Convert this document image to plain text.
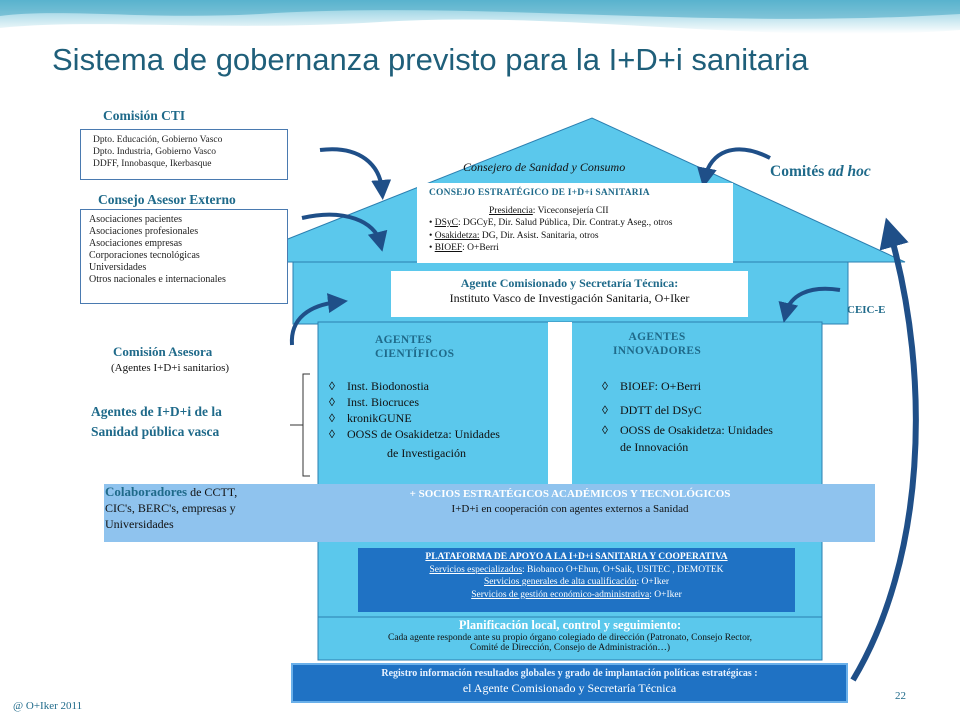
Sistema de gobernanza previsto para la I+D+i sanitaria
Comisión CTI
Dpto. Educación, Gobierno Vasco
Dpto. Industria, Gobierno Vasco
DDFF, Innobasque, Ikerbasque
Consejo Asesor Externo
Asociaciones pacientes
Asociaciones profesionales
Asociaciones empresas
Corporaciones tecnológicas
Universidades
Otros nacionales e internacionales
Consejero de Sanidad y Consumo
CONSEJO ESTRATÉGICO DE I+D+i SANITARIA
Presidencia: Viceconsejería CII
• DSyC: DGCyE, Dir. Salud Pública, Dir. Contrat.y Aseg., otros
• Osakidetza: DG, Dir. Asist. Sanitaria, otros
• BIOEF: O+Berri
Comités ad hoc
Agente Comisionado y Secretaría Técnica:
Instituto Vasco de Investigación Sanitaria, O+Iker
CEIC-E
Comisión Asesora
(Agentes I+D+i sanitarios)
Agentes de I+D+i de la
Sanidad pública vasca
AGENTES
CIENTÍFICOS
◊ Inst. Biodonostia
◊ Inst. Biocruces
◊ kronikGUNE
◊ OOSS de Osakidetza: Unidades
de Investigación
AGENTES
INNOVADORES
◊ BIOEF: O+Berri
◊ DDTT del DSyC
◊ OOSS de Osakidetza: Unidades
de Innovación
Colaboradores de CCTT,
CIC's, BERC's, empresas y
Universidades
+ SOCIOS ESTRATÉGICOS ACADÉMICOS Y TECNOLÓGICOS
I+D+i en cooperación con agentes externos a Sanidad
PLATAFORMA DE APOYO A LA I+D+i SANITARIA Y COOPERATIVA
Servicios especializados: Biobanco O+Ehun, O+Saik, USITEC , DEMOTEK
Servicios generales de alta cualificación: O+Iker
Servicios de gestión económico-administrativa: O+Iker
Planificación local, control y seguimiento:
Cada agente responde ante su propio órgano colegiado de dirección (Patronato, Consejo Rector,
Comité de Dirección, Consejo de Administración…)
Registro información resultados globales y grado de implantación políticas estratégicas :
el Agente Comisionado y Secretaría Técnica
@ O+Iker 2011
22
